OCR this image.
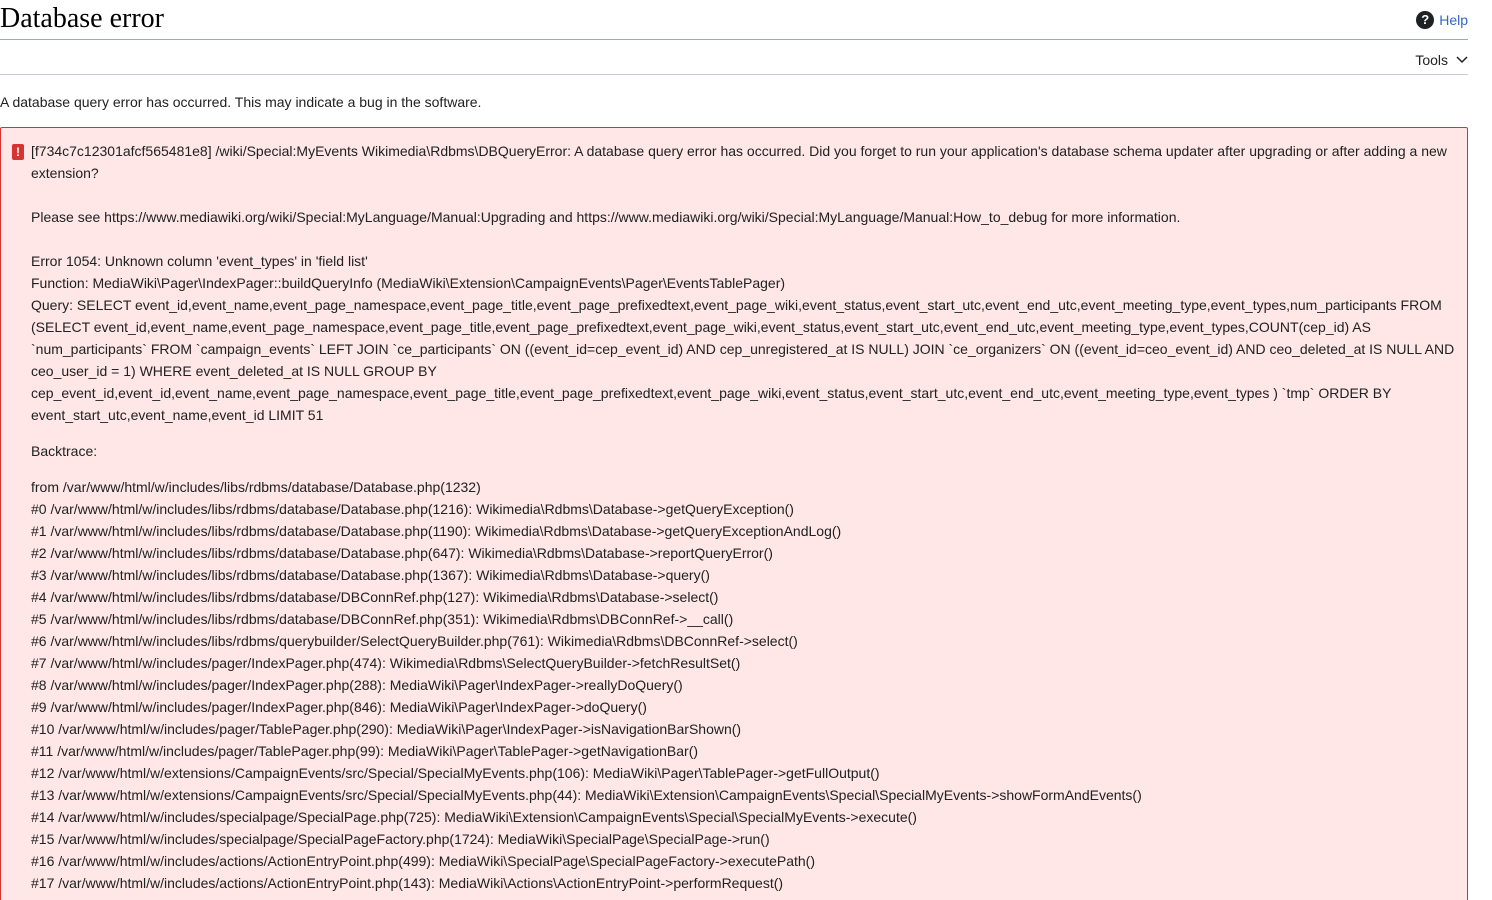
Database error	? Help
Tools

A database query error has occurred. This may indicate a bug in the software.

! [f734c7c12301afcf565481e8] /wiki/Special:MyEvents Wikimedia\Rdbms\DBQueryError: A database query error has occurred. Did you forget to run your application's database schema updater after upgrading or after adding a new extension?

Please see https://www.mediawiki.org/wiki/Special:MyLanguage/Manual:Upgrading and https://www.mediawiki.org/wiki/Special:MyLanguage/Manual:How_to_debug for more information.

Error 1054: Unknown column 'event_types' in 'field list'

Function: MediaWiki\Pager\IndexPager::buildQueryInfo (MediaWiki\Extension\CampaignEvents\Pager\EventsTablePager)

Query: SELECT event_id,event_name,event_page_namespace,event_page_title,event_page_prefixedtext,event_page_wiki,event_status,event_start_utc,event_end_utc,event_meeting_type,event_types,num_participants FROM (SELECT event_id,event_name,event_page_namespace,event_page_title,event_page_prefixedtext,event_page_wiki,event_status,event_start_utc,event_end_utc,event_meeting_type,event_types,COUNT(cep_id) AS `num_participants` FROM `campaign_events` LEFT JOIN `ce_participants` ON ((event_id=cep_event_id) AND cep_unregistered_at IS NULL) JOIN `ce_organizers` ON ((event_id=ceo_event_id) AND ceo_deleted_at IS NULL AND ceo_user_id = 1) WHERE event_deleted_at IS NULL GROUP BY cep_event_id,event_id,event_name,event_page_namespace,event_page_title,event_page_prefixedtext,event_page_wiki,event_status,event_start_utc,event_end_utc,event_meeting_type,event_types ) `tmp` ORDER BY event_start_utc,event_name,event_id LIMIT 51

Backtrace:

from /var/www/html/w/includes/libs/rdbms/database/Database.php(1232)
#0 /var/www/html/w/includes/libs/rdbms/database/Database.php(1216): Wikimedia\Rdbms\Database->getQueryException()
#1 /var/www/html/w/includes/libs/rdbms/database/Database.php(1190): Wikimedia\Rdbms\Database->getQueryExceptionAndLog()
#2 /var/www/html/w/includes/libs/rdbms/database/Database.php(647): Wikimedia\Rdbms\Database->reportQueryError()
#3 /var/www/html/w/includes/libs/rdbms/database/Database.php(1367): Wikimedia\Rdbms\Database->query()
#4 /var/www/html/w/includes/libs/rdbms/database/DBConnRef.php(127): Wikimedia\Rdbms\Database->select()
#5 /var/www/html/w/includes/libs/rdbms/database/DBConnRef.php(351): Wikimedia\Rdbms\DBConnRef->__call()
#6 /var/www/html/w/includes/libs/rdbms/querybuilder/SelectQueryBuilder.php(761): Wikimedia\Rdbms\DBConnRef->select()
#7 /var/www/html/w/includes/pager/IndexPager.php(474): Wikimedia\Rdbms\SelectQueryBuilder->fetchResultSet()
#8 /var/www/html/w/includes/pager/IndexPager.php(288): MediaWiki\Pager\IndexPager->reallyDoQuery()
#9 /var/www/html/w/includes/pager/IndexPager.php(846): MediaWiki\Pager\IndexPager->doQuery()
#10 /var/www/html/w/includes/pager/TablePager.php(290): MediaWiki\Pager\IndexPager->isNavigationBarShown()
#11 /var/www/html/w/includes/pager/TablePager.php(99): MediaWiki\Pager\TablePager->getNavigationBar()
#12 /var/www/html/w/extensions/CampaignEvents/src/Special/SpecialMyEvents.php(106): MediaWiki\Pager\TablePager->getFullOutput()
#13 /var/www/html/w/extensions/CampaignEvents/src/Special/SpecialMyEvents.php(44): MediaWiki\Extension\CampaignEvents\Special\SpecialMyEvents->showFormAndEvents()
#14 /var/www/html/w/includes/specialpage/SpecialPage.php(725): MediaWiki\Extension\CampaignEvents\Special\SpecialMyEvents->execute()
#15 /var/www/html/w/includes/specialpage/SpecialPageFactory.php(1724): MediaWiki\SpecialPage\SpecialPage->run()
#16 /var/www/html/w/includes/actions/ActionEntryPoint.php(499): MediaWiki\SpecialPage\SpecialPageFactory->executePath()
#17 /var/www/html/w/includes/actions/ActionEntryPoint.php(143): MediaWiki\Actions\ActionEntryPoint->performRequest()
